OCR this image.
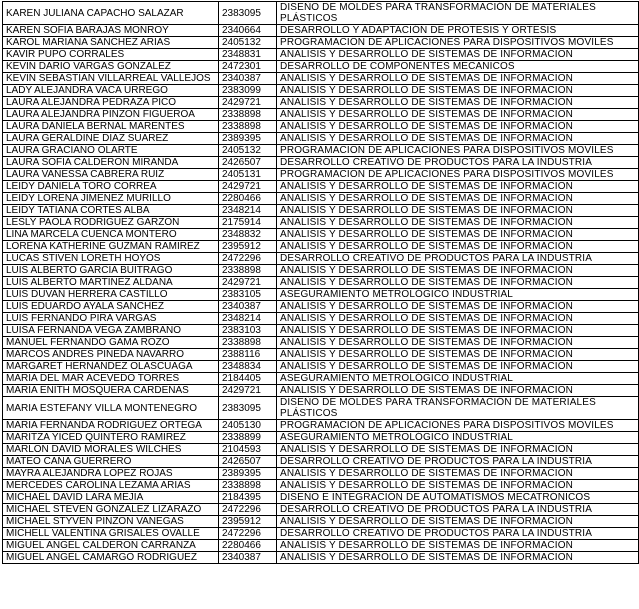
KAREN JULIANA CAPACHO SALAZAR	2383095	DISEÑO DE MOLDES PARA TRANSFORMACIÓN DE MATERIALES PLÁSTICOS
KAREN SOFIA BARAJAS MONROY	2340664	DESARROLLO Y ADAPTACIÓN DE PROTESIS Y ORTESIS
KAROL MARIANA SANCHEZ ARIAS	2405132	PROGRAMACION DE APLICACIONES PARA DISPOSITIVOS MOVILES
KAVIR PUPO CORRALES	2348831	ANALISIS Y DESARROLLO DE SISTEMAS DE INFORMACION
KEVIN DARIO VARGAS GONZALEZ	2472301	DESARROLLO DE COMPONENTES MECANICOS
KEVIN SEBASTIAN VILLARREAL VALLEJOS	2340387	ANALISIS Y DESARROLLO DE SISTEMAS DE INFORMACION
LADY ALEJANDRA VACA URREGO	2383099	ANALISIS Y DESARROLLO DE SISTEMAS DE INFORMACION
LAURA ALEJANDRA PEDRAZA PICO	2429721	ANALISIS Y DESARROLLO DE SISTEMAS DE INFORMACION
LAURA ALEJANDRA PINZON FIGUEROA	2338898	ANALISIS Y DESARROLLO DE SISTEMAS DE INFORMACION
LAURA DANIELA BERNAL MARENTES	2338898	ANALISIS Y DESARROLLO DE SISTEMAS DE INFORMACION
LAURA GERALDINE DIAZ SUAREZ	2389395	ANALISIS Y DESARROLLO DE SISTEMAS DE INFORMACION
LAURA GRACIANO OLARTE	2405132	PROGRAMACION DE APLICACIONES PARA DISPOSITIVOS MOVILES
LAURA SOFIA CALDERON MIRANDA	2426507	DESARROLLO CREATIVO DE PRODUCTOS PARA LA INDUSTRIA
LAURA VANESSA CABRERA RUIZ	2405131	PROGRAMACION DE APLICACIONES PARA DISPOSITIVOS MOVILES
LEIDY DANIELA TORO CORREA	2429721	ANALISIS Y DESARROLLO DE SISTEMAS DE INFORMACION
LEIDY LORENA JIMENEZ MURILLO	2280466	ANALISIS Y DESARROLLO DE SISTEMAS DE INFORMACION
LEIDY TATIANA CORTES ALBA	2348214	ANALISIS Y DESARROLLO DE SISTEMAS DE INFORMACION
LESLY PAOLA RODRIGUEZ GARZON	2175914	ANALISIS Y DESARROLLO DE SISTEMAS DE INFORMACION
LINA MARCELA CUENCA MONTERO	2348832	ANALISIS Y DESARROLLO DE SISTEMAS DE INFORMACION
LORENA KATHERINE GUZMAN RAMIREZ	2395912	ANALISIS Y DESARROLLO DE SISTEMAS DE INFORMACION
LUCAS STIVEN LORETH HOYOS	2472296	DESARROLLO CREATIVO DE PRODUCTOS PARA LA INDUSTRIA
LUIS ALBERTO GARCIA BUITRAGO	2338898	ANALISIS Y DESARROLLO DE SISTEMAS DE INFORMACION
LUIS ALBERTO MARTINEZ ALDANA	2429721	ANALISIS Y DESARROLLO DE SISTEMAS DE INFORMACION
LUIS DUVAN HERRERA CASTILLO	2383105	ASEGURAMIENTO METROLÓGICO INDUSTRIAL
LUIS EDUARDO AYALA SANCHEZ	2340387	ANALISIS Y DESARROLLO DE SISTEMAS DE INFORMACION
LUIS FERNANDO PIRA VARGAS	2348214	ANALISIS Y DESARROLLO DE SISTEMAS DE INFORMACION
LUISA FERNANDA VEGA ZAMBRANO	2383103	ANALISIS Y DESARROLLO DE SISTEMAS DE INFORMACION
MANUEL FERNANDO GAMA ROZO	2338898	ANALISIS Y DESARROLLO DE SISTEMAS DE INFORMACION
MARCOS ANDRES PINEDA NAVARRO	2388116	ANALISIS Y DESARROLLO DE SISTEMAS DE INFORMACION
MARGARET HERNANDEZ OLASCUAGA	2348834	ANALISIS Y DESARROLLO DE SISTEMAS DE INFORMACION
MARIA DEL MAR ACEVEDO TORRES	2184405	ASEGURAMIENTO METROLÓGICO INDUSTRIAL
MARIA ENITH MOSQUERA CARDENAS	2429721	ANALISIS Y DESARROLLO DE SISTEMAS DE INFORMACION
MARIA ESTEFANY VILLA MONTENEGRO	2383095	DISEÑO DE MOLDES PARA TRANSFORMACIÓN DE MATERIALES PLÁSTICOS
MARIA FERNANDA RODRIGUEZ ORTEGA	2405130	PROGRAMACION DE APLICACIONES PARA DISPOSITIVOS MOVILES
MARITZA YICED QUINTERO RAMIREZ	2338899	ASEGURAMIENTO METROLÓGICO INDUSTRIAL
MARLON DAVID MORALES WILCHES	2104593	ANALISIS Y DESARROLLO DE SISTEMAS DE INFORMACION
MATEO CAÑA GUERRERO	2426507	DESARROLLO CREATIVO DE PRODUCTOS PARA LA INDUSTRIA
MAYRA ALEJANDRA LOPEZ ROJAS	2389395	ANALISIS Y DESARROLLO DE SISTEMAS DE INFORMACION
MERCEDES CAROLINA LEZAMA ARIAS	2338898	ANALISIS Y DESARROLLO DE SISTEMAS DE INFORMACION
MICHAEL DAVID LARA MEJIA	2184395	DISEÑO E INTEGRACIÓN DE AUTOMATISMOS MECATRÓNICOS
MICHAEL STEVEN GONZALEZ LIZARAZO	2472296	DESARROLLO CREATIVO DE PRODUCTOS PARA LA INDUSTRIA
MICHAEL STYVEN PINZON VANEGAS	2395912	ANALISIS Y DESARROLLO DE SISTEMAS DE INFORMACION
MICHELL VALENTINA GRISALES OVALLE	2472296	DESARROLLO CREATIVO DE PRODUCTOS PARA LA INDUSTRIA
MIGUEL ANGEL CALDERON CARRANZA	2280466	ANALISIS Y DESARROLLO DE SISTEMAS DE INFORMACION
MIGUEL ANGEL CAMARGO RODRIGUEZ	2340387	ANALISIS Y DESARROLLO DE SISTEMAS DE INFORMACION
